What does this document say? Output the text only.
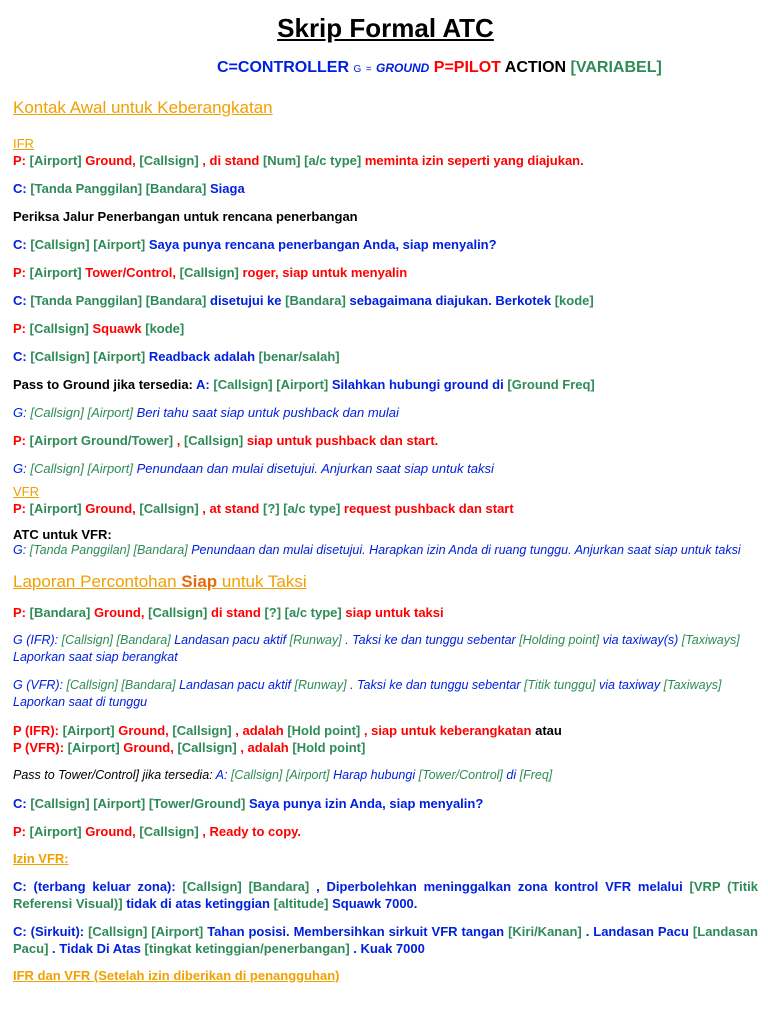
Skrip Formal ATC
C=CONTROLLER G = GROUND P=PILOT ACTION [VARIABEL]
Kontak Awal untuk Keberangkatan
IFR

P: [Airport] Ground, [Callsign] , di stand [Num] [a/c type] meminta izin seperti yang diajukan.

C: [Tanda Panggilan] [Bandara] Siaga

Periksa Jalur Penerbangan untuk rencana penerbangan

C: [Callsign] [Airport] Saya punya rencana penerbangan Anda, siap menyalin?

P: [Airport] Tower/Control, [Callsign] roger, siap untuk menyalin

C: [Tanda Panggilan] [Bandara] disetujui ke [Bandara] sebagaimana diajukan. Berkotek [kode]

P: [Callsign] Squawk [kode]

C: [Callsign] [Airport] Readback adalah [benar/salah]

Pass to Ground jika tersedia: A: [Callsign] [Airport] Silahkan hubungi ground di [Ground Freq]

G: [Callsign] [Airport] Beri tahu saat siap untuk pushback dan mulai

P: [Airport Ground/Tower] , [Callsign] siap untuk pushback dan start.

G: [Callsign] [Airport] Penundaan dan mulai disetujui. Anjurkan saat siap untuk taksi

VFR

P: [Airport] Ground, [Callsign] , at stand [?] [a/c type] request pushback dan start

ATC untuk VFR:

G: [Tanda Panggilan] [Bandara] Penundaan dan mulai disetujui. Harapkan izin Anda di ruang tunggu. Anjurkan saat siap untuk taksi

Laporan Percontohan Siap untuk Taksi

P: [Bandara] Ground, [Callsign] di stand [?] [a/c type] siap untuk taksi

G (IFR): [Callsign] [Bandara] Landasan pacu aktif [Runway] . Taksi ke dan tunggu sebentar [Holding point] via taxiway(s) [Taxiways] Laporkan saat siap berangkat

G (VFR): [Callsign] [Bandara] Landasan pacu aktif [Runway] . Taksi ke dan tunggu sebentar [Titik tunggu] via taxiway [Taxiways] Laporkan saat di tunggu

P (IFR): [Airport] Ground, [Callsign] , adalah [Hold point] , siap untuk keberangkatan atau

P (VFR): [Airport] Ground, [Callsign] , adalah [Hold point]

Pass to Tower/Control] jika tersedia: A: [Callsign] [Airport] Harap hubungi [Tower/Control] di [Freq]

C: [Callsign] [Airport] [Tower/Ground] Saya punya izin Anda, siap menyalin?

P: [Airport] Ground, [Callsign] , Ready to copy.

Izin VFR:

C: (terbang keluar zona): [Callsign] [Bandara] , Diperbolehkan meninggalkan zona kontrol VFR melalui [VRP (Titik Referensi Visual)] tidak di atas ketinggian [altitude] Squawk 7000.

C: (Sirkuit): [Callsign] [Airport] Tahan posisi. Membersihkan sirkuit VFR tangan [Kiri/Kanan] . Landasan Pacu [Landasan Pacu] . Tidak Di Atas [tingkat ketinggian/penerbangan] . Kuak 7000

IFR dan VFR (Setelah izin diberikan di penangguhan)
